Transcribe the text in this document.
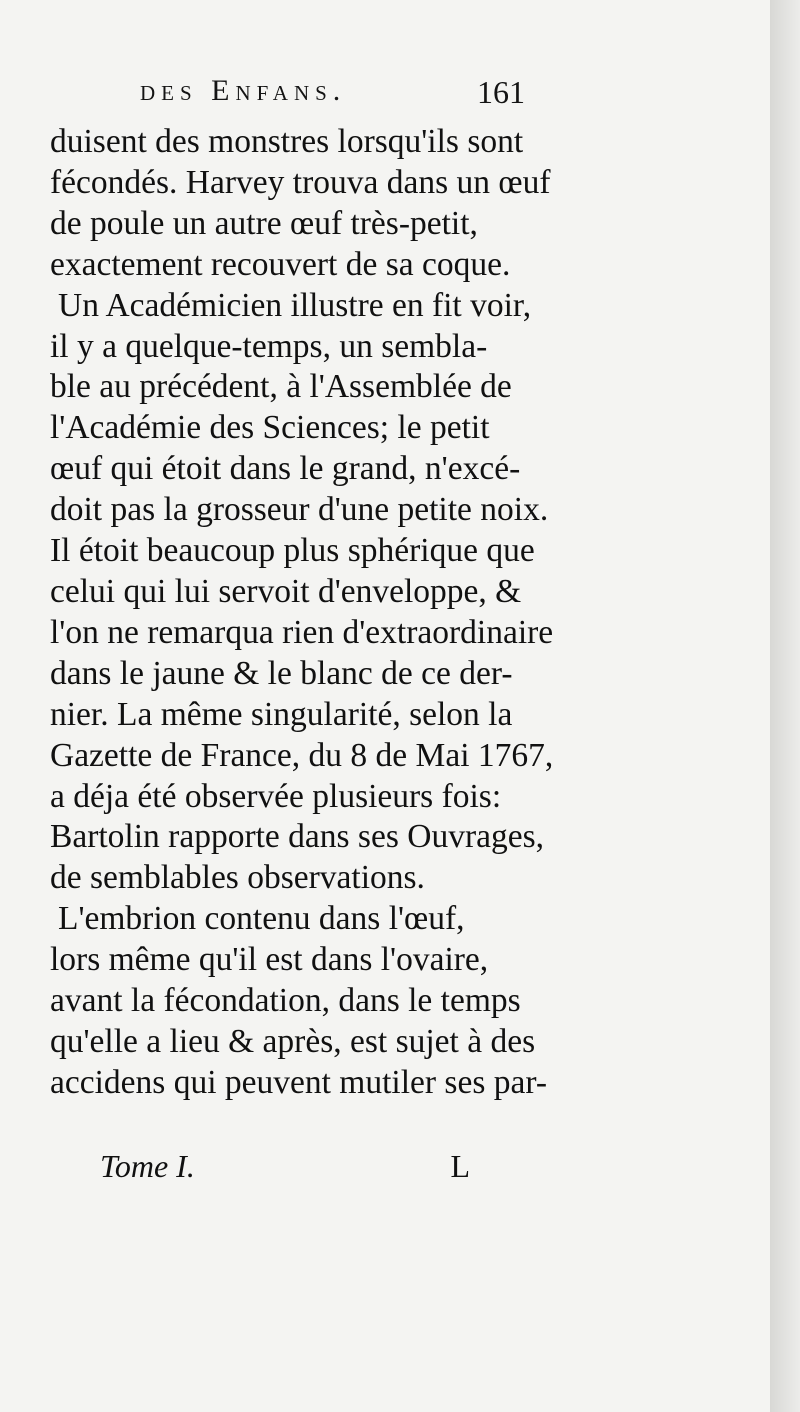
des Enfans.	161

duisent des monstres lorsqu'ils sont
fécondés. Harvey trouva dans un œuf
de poule un autre œuf très-petit,
exactement recouvert de sa coque.

Un Académicien illustre en fit voir,
il y a quelque-temps, un sembla-
ble au précédent, à l'Assemblée de
l'Académie des Sciences; le petit
œuf qui étoit dans le grand, n'excé-
doit pas la grosseur d'une petite noix.
Il étoit beaucoup plus sphérique que
celui qui lui servoit d'enveloppe, &
l'on ne remarqua rien d'extraordinaire
dans le jaune & le blanc de ce der-
nier. La même singularité, selon la
Gazette de France, du 8 de Mai 1767,
a déja été observée plusieurs fois:
Bartolin rapporte dans ses Ouvrages,
de semblables observations.

L'embrion contenu dans l'œuf,
lors même qu'il est dans l'ovaire,
avant la fécondation, dans le temps
qu'elle a lieu & après, est sujet à des
accidens qui peuvent mutiler ses par-

Tome I.	L
